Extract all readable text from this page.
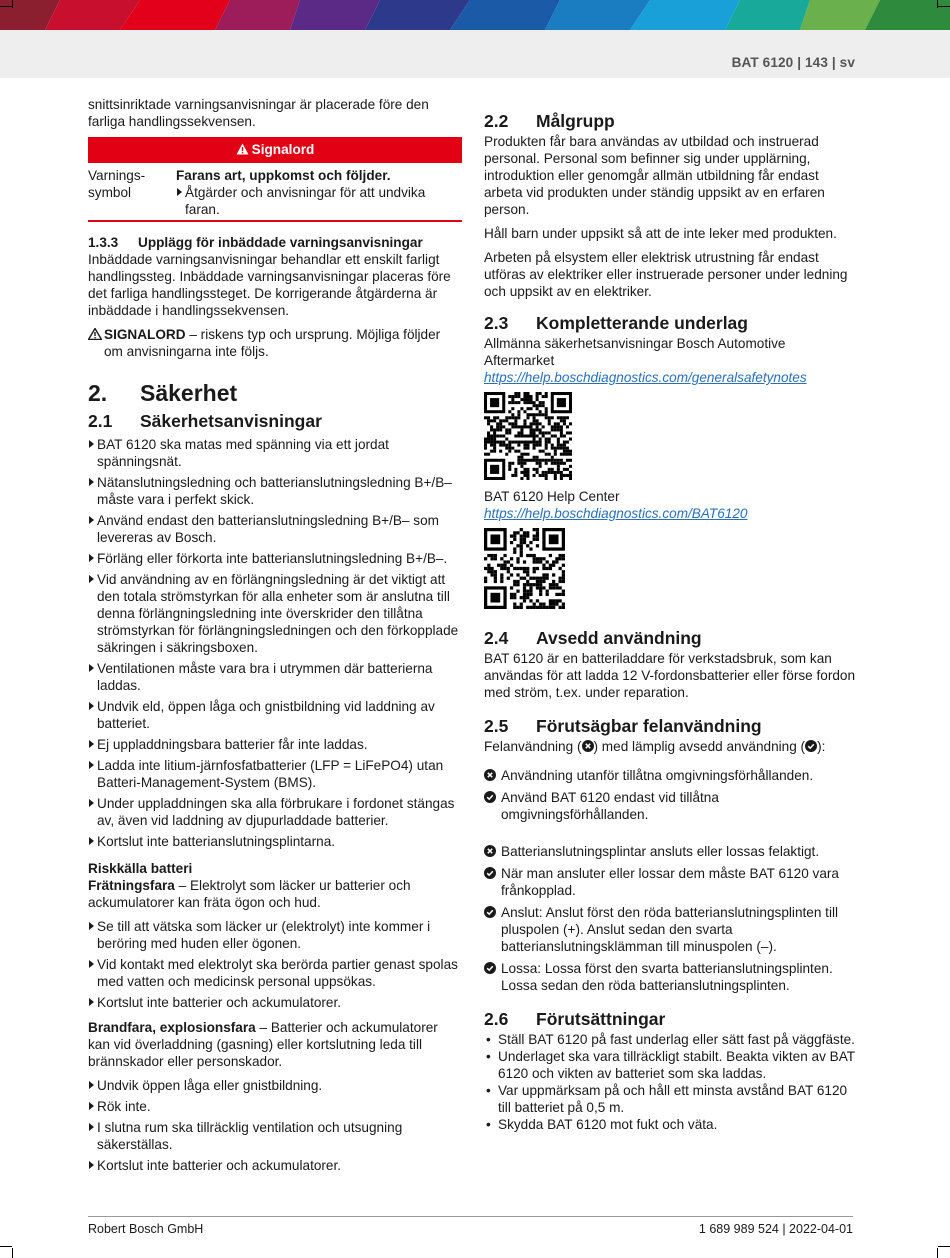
BAT 6120 | 143 | sv

snittsinriktade varningsanvisningar är placerade före den farliga handlingssekvensen.

Signalord
Varnings-
symbol
Farans art, uppkomst och följder.
Åtgärder och anvisningar för att undvika faran.
1.3.3 Upplägg för inbäddade varningsanvisningar

Inbäddade varningsanvisningar behandlar ett enskilt farligt handlingssteg. Inbäddade varningsanvisningar placeras före det farliga handlingssteget. De korrigerande åtgärderna är inbäddade i handlingssekvensen.

SIGNALORD – riskens typ och ursprung. Möjliga följder om anvisningarna inte följs.
2. Säkerhet
2.1 Säkerhetsanvisningar
BAT 6120 ska matas med spänning via ett jordat spänningsnät.
Nätanslutningsledning och batterianslutningsledning B+/B– måste vara i perfekt skick.
Använd endast den batterianslutningsledning B+/B– som levereras av Bosch.
Förläng eller förkorta inte batterianslutningsledning B+/B–.
Vid användning av en förlängningsledning är det viktigt att den totala strömstyrkan för alla enheter som är anslutna till denna förlängningsledning inte överskrider den tillåtna strömstyrkan för förlängningsledningen och den förkopplade säkringen i säkringsboxen.
Ventilationen måste vara bra i utrymmen där batterierna laddas.
Undvik eld, öppen låga och gnistbildning vid laddning av batteriet.
Ej uppladdningsbara batterier får inte laddas.
Ladda inte litium-järnfosfatbatterier (LFP = LiFePO4) utan Batteri-Management-System (BMS).
Under uppladdningen ska alla förbrukare i fordonet stängas av, även vid laddning av djupurladdade batterier.
Kortslut inte batterianslutningsplintarna.
Riskkälla batteri

Frätningsfara – Elektrolyt som läcker ur batterier och ackumulatorer kan fräta ögon och hud.

Se till att vätska som läcker ur (elektrolyt) inte kommer i beröring med huden eller ögonen.
Vid kontakt med elektrolyt ska berörda partier genast spolas med vatten och medicinsk personal uppsökas.
Kortslut inte batterier och ackumulatorer.

Brandfara, explosionsfara – Batterier och ackumulatorer kan vid överladdning (gasning) eller kortslutning leda till brännskador eller personskador.

Undvik öppen låga eller gnistbildning.
Rök inte.
I slutna rum ska tillräcklig ventilation och utsugning säkerställas.
Kortslut inte batterier och ackumulatorer.
2.2 Målgrupp

Produkten får bara användas av utbildad och instruerad personal. Personal som befinner sig under upplärning, introduktion eller genomgår allmän utbildning får endast arbeta vid produkten under ständig uppsikt av en erfaren person.

Håll barn under uppsikt så att de inte leker med produkten.

Arbeten på elsystem eller elektrisk utrustning får endast utföras av elektriker eller instruerade personer under ledning och uppsikt av en elektriker.

2.3 Kompletterande underlag
Allmänna säkerhetsanvisningar Bosch Automotive Aftermarket
https://help.boschdiagnostics.com/generalsafetynotes
BAT 6120 Help Center
https://help.boschdiagnostics.com/BAT6120
2.4 Avsedd användning

BAT 6120 är en batteriladdare för verkstadsbruk, som kan användas för att ladda 12 V-fordonsbatterier eller förse fordon med ström, t.ex. under reparation.

2.5 Förutsägbar felanvändning

Felanvändning ( ) med lämplig avsedd användning ( ):

Användning utanför tillåtna omgivningsförhållanden.
Använd BAT 6120 endast vid tillåtna omgivningsförhållanden.
Batterianslutningsplintar ansluts eller lossas felaktigt.
När man ansluter eller lossar dem måste BAT 6120 vara frånkopplad.
Anslut: Anslut först den röda batterianslutningsplinten till pluspolen (+). Anslut sedan den svarta batterianslutningsklämman till minuspolen (–).
Lossa: Lossa först den svarta batterianslutningsplinten. Lossa sedan den röda batterianslutningsplinten.
2.6 Förutsättningar
• Ställ BAT 6120 på fast underlag eller sätt fast på väggfäste.
• Underlaget ska vara tillräckligt stabilt. Beakta vikten av BAT 6120 och vikten av batteriet som ska laddas.
• Var uppmärksam på och håll ett minsta avstånd BAT 6120 till batteriet på 0,5 m.
• Skydda BAT 6120 mot fukt och väta.
Robert Bosch GmbH	1 689 989 524 | 2022-04-01
